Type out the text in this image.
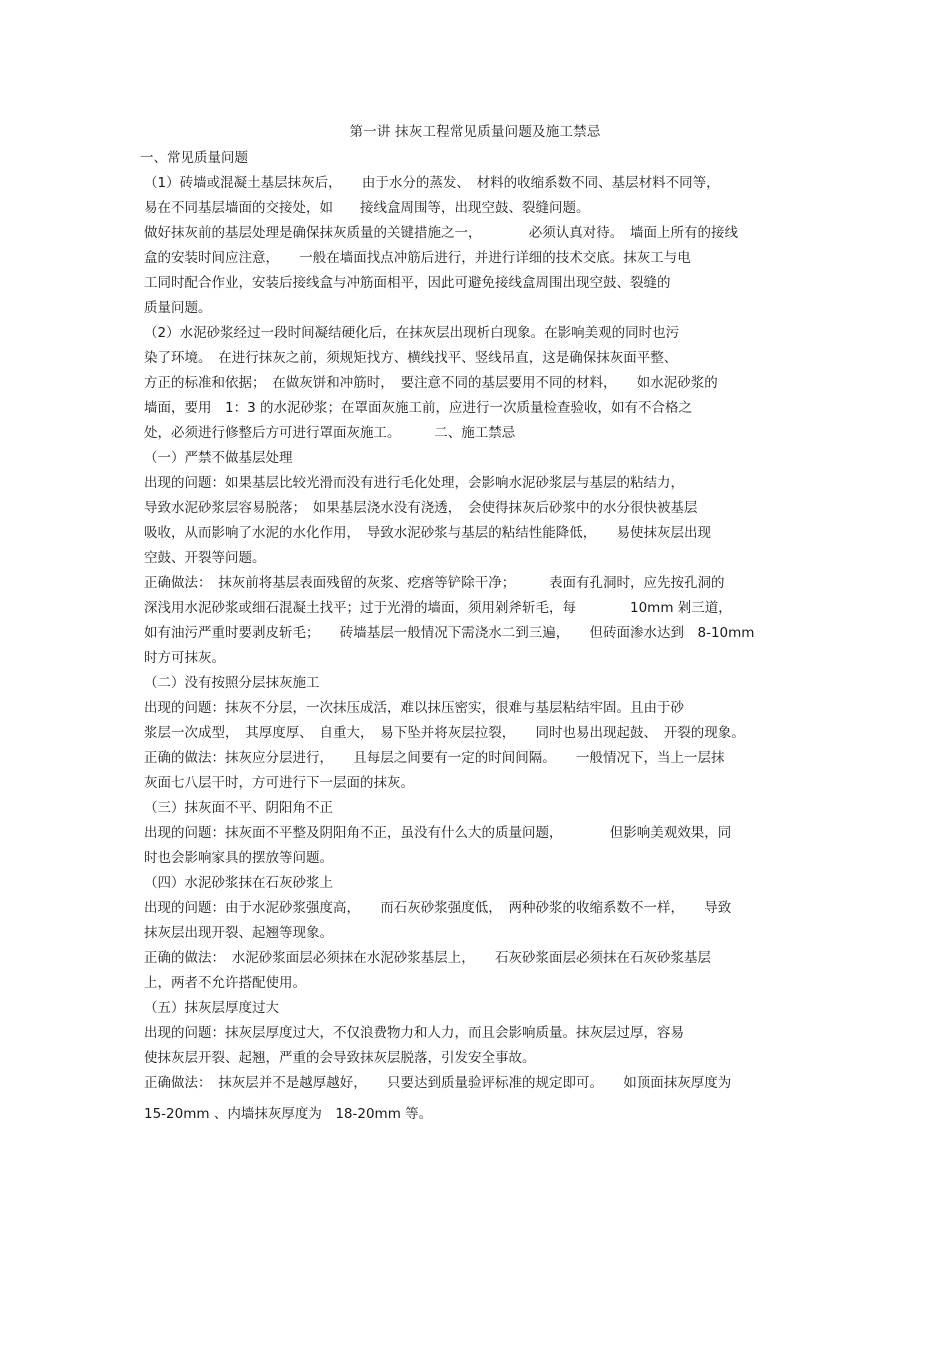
第一讲 抹灰工程常见质量问题及施工禁忌

一、常见质量问题

（1）砖墙或混凝土基层抹灰后，　　由于水分的蒸发、　材料的收缩系数不同、基层材料不同等，

易在不同基层墙面的交接处，如　　接线盒周围等，出现空鼓、裂缝问题。

做好抹灰前的基层处理是确保抹灰质量的关键措施之一，　　　　必须认真对待。　墙面上所有的接线

盒的安装时间应注意，　　一般在墙面找点冲筋后进行，并进行详细的技术交底。抹灰工与电

工同时配合作业，安装后接线盒与冲筋面相平，因此可避免接线盒周围出现空鼓、裂缝的

质量问题。

（2）水泥砂浆经过一段时间凝结硬化后，在抹灰层出现析白现象。在影响美观的同时也污

染了环境。　在进行抹灰之前，须规矩找方、横线找平、竖线吊直，这是确保抹灰面平整、

方正的标准和依据；　在做灰饼和冲筋时，　要注意不同的基层要用不同的材料，　　如水泥砂浆的

墙面，要用　1：3 的水泥砂浆；在罩面灰施工前，应进行一次质量检查验收，如有不合格之

处，必须进行修整后方可进行罩面灰施工。　　　二、施工禁忌

（一）严禁不做基层处理

出现的问题：如果基层比较光滑而没有进行毛化处理，会影响水泥砂浆层与基层的粘结力，

导致水泥砂浆层容易脱落；　如果基层浇水没有浇透，　会使得抹灰后砂浆中的水分很快被基层

吸收，从而影响了水泥的水化作用，　导致水泥砂浆与基层的粘结性能降低，　　易使抹灰层出现

空鼓、开裂等问题。

正确做法：　抹灰前将基层表面残留的灰浆、疙瘩等铲除干净；　　　表面有孔洞时，应先按孔洞的

深浅用水泥砂浆或细石混凝土找平；过于光滑的墙面，须用剁斧斩毛，每　　　　10mm 剁三道，

如有油污严重时要剥皮斩毛；　　砖墙基层一般情况下需浇水二到三遍，　　但砖面渗水达到　8-10mm

时方可抹灰。

（二）没有按照分层抹灰施工

出现的问题：抹灰不分层，一次抹压成活，难以抹压密实，很难与基层粘结牢固。且由于砂

浆层一次成型，　其厚度厚、　自重大，　易下坠并将灰层拉裂，　　同时也易出现起鼓、　开裂的现象。

正确的做法：抹灰应分层进行，　　且每层之间要有一定的时间间隔。　　一般情况下，当上一层抹

灰面七八层干时，方可进行下一层面的抹灰。

（三）抹灰面不平、阴阳角不正

出现的问题：抹灰面不平整及阴阳角不正，虽没有什么大的质量问题，　　　　但影响美观效果，同

时也会影响家具的摆放等问题。

（四）水泥砂浆抹在石灰砂浆上

出现的问题：由于水泥砂浆强度高，　　而石灰砂浆强度低，　两种砂浆的收缩系数不一样，　　导致

抹灰层出现开裂、起翘等现象。

正确的做法：　水泥砂浆面层必须抹在水泥砂浆基层上，　　石灰砂浆面层必须抹在石灰砂浆基层

上，两者不允许搭配使用。

（五）抹灰层厚度过大

出现的问题：抹灰层厚度过大，不仅浪费物力和人力，而且会影响质量。抹灰层过厚，容易

使抹灰层开裂、起翘，严重的会导致抹灰层脱落，引发安全事故。

正确做法：　抹灰层并不是越厚越好，　　只要达到质量验评标准的规定即可。　　如顶面抹灰厚度为

15-20mm 、内墙抹灰厚度为　18-20mm 等。
